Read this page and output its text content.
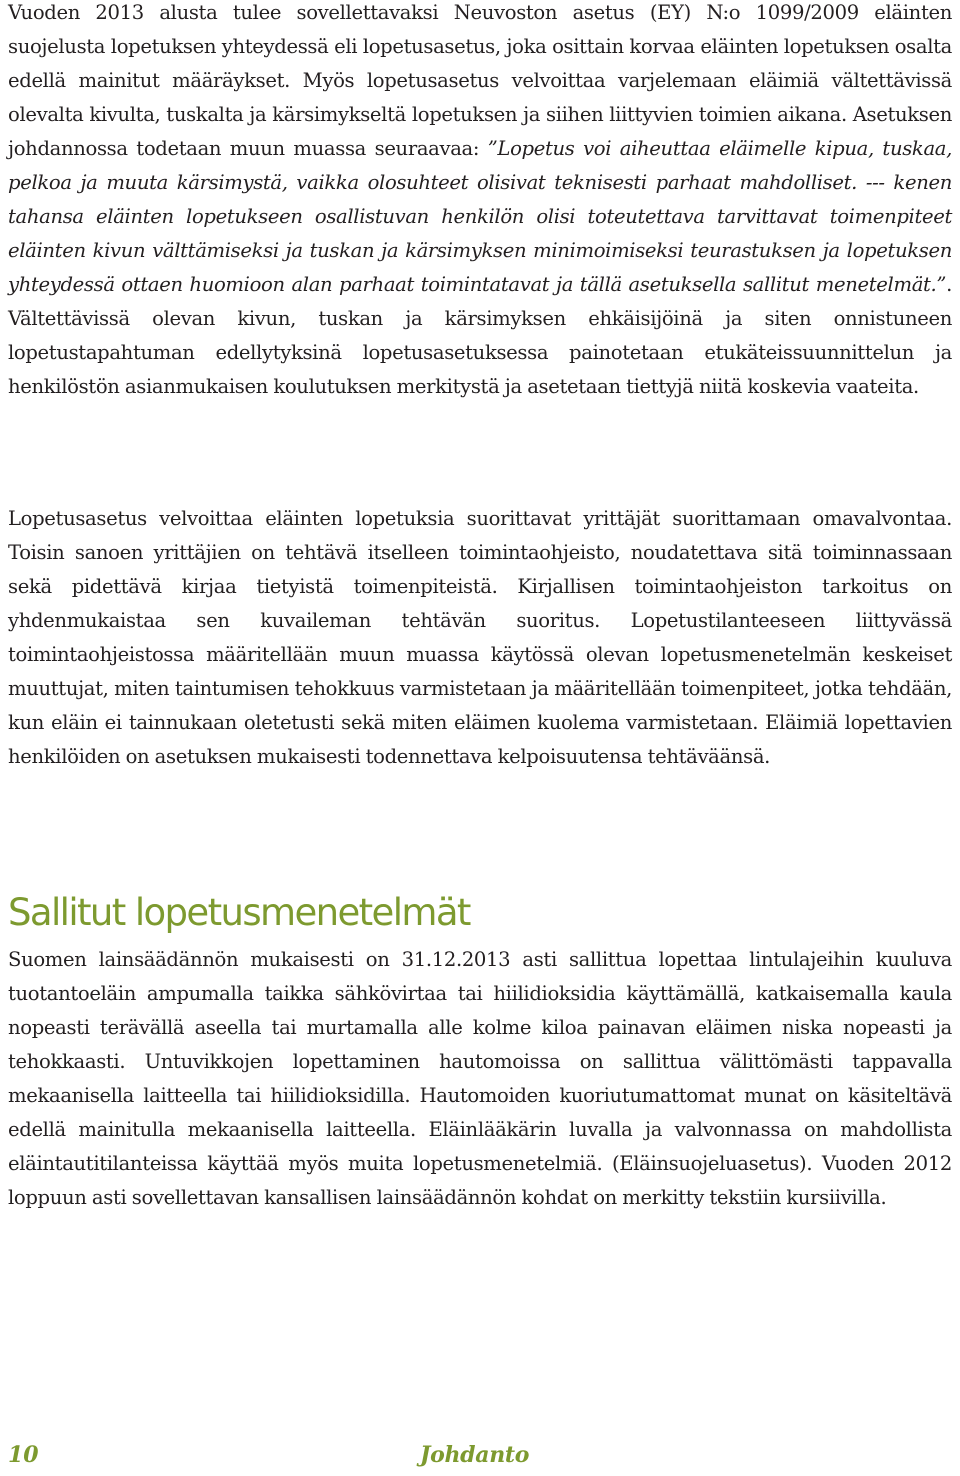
Vuoden 2013 alusta tulee sovellettavaksi Neuvoston asetus (EY) N:o 1099/2009 eläinten suojelusta lopetuksen yhteydessä eli lopetusasetus, joka osittain korvaa eläinten lopetuksen osalta edellä mainitut määräykset. Myös lopetusasetus velvoittaa varjelemaan eläimiä vältettävissä olevalta kivulta, tuskalta ja kärsimykseltä lopetuksen ja siihen liittyvien toimien aikana. Asetuksen johdannossa todetaan muun muassa seuraavaa: ”Lopetus voi aiheuttaa eläimelle kipua, tuskaa, pelkoa ja muuta kärsimystä, vaikka olosuhteet olisivat teknisesti parhaat mahdolliset. --- kenen tahansa eläinten lopetukseen osallistuvan henkilön olisi toteutettava tarvittavat toimenpiteet eläinten kivun välttämiseksi ja tuskan ja kärsimyksen minimoimiseksi teurastuksen ja lopetuksen yhteydessä ottaen huomioon alan parhaat toimintatavat ja tällä asetuksella sallitut menetelmät.”. Vältettävissä olevan kivun, tuskan ja kärsimyksen ehkäisijöinä ja siten onnistuneen lopetustapahtuman edellytyksinä lopetusasetuksessa painotetaan etukäteissuunnittelun ja henkilöstön asianmukaisen koulutuksen merkitystä ja asetetaan tiettyjä niitä koskevia vaateita.

Lopetusasetus velvoittaa eläinten lopetuksia suorittavat yrittäjät suorittamaan omavalvontaa. Toisin sanoen yrittäjien on tehtävä itselleen toimintaohjeisto, noudatettava sitä toiminnassaan sekä pidettävä kirjaa tietyistä toimenpiteistä. Kirjallisen toimintaohjeiston tarkoitus on yhdenmukaistaa sen kuvaileman tehtävän suoritus. Lopetustilanteeseen liittyvässä toimintaohjeistossa määritellään muun muassa käytössä olevan lopetusmenetelmän keskeiset muuttujat, miten taintumisen tehokkuus varmistetaan ja määritellään toimenpiteet, jotka tehdään, kun eläin ei tainnukaan oletetusti sekä miten eläimen kuolema varmistetaan. Eläimiä lopettavien henkilöiden on asetuksen mukaisesti todennettava kelpoisuutensa tehtäväänsä.

Sallitut lopetusmenetelmät

Suomen lainsäädännön mukaisesti on 31.12.2013 asti sallittua lopettaa lintulajeihin kuuluva tuotantoeläin ampumalla taikka sähkövirtaa tai hiilidioksidia käyttämällä, katkaisemalla kaula nopeasti terävällä aseella tai murtamalla alle kolme kiloa painavan eläimen niska nopeasti ja tehokkaasti. Untuvikkojen lopettaminen hautomoissa on sallittua välittömästi tappavalla mekaanisella laitteella tai hiilidioksidilla. Hautomoiden kuoriutumattomat munat on käsiteltävä edellä mainitulla mekaanisella laitteella. Eläinlääkärin luvalla ja valvonnassa on mahdollista eläintautitilanteissa käyttää myös muita lopetusmenetelmiä. (Eläinsuojeluasetus). Vuoden 2012 loppuun asti sovellettavan kansallisen lainsäädännön kohdat on merkitty tekstiin kursiivilla.

10	Johdanto
